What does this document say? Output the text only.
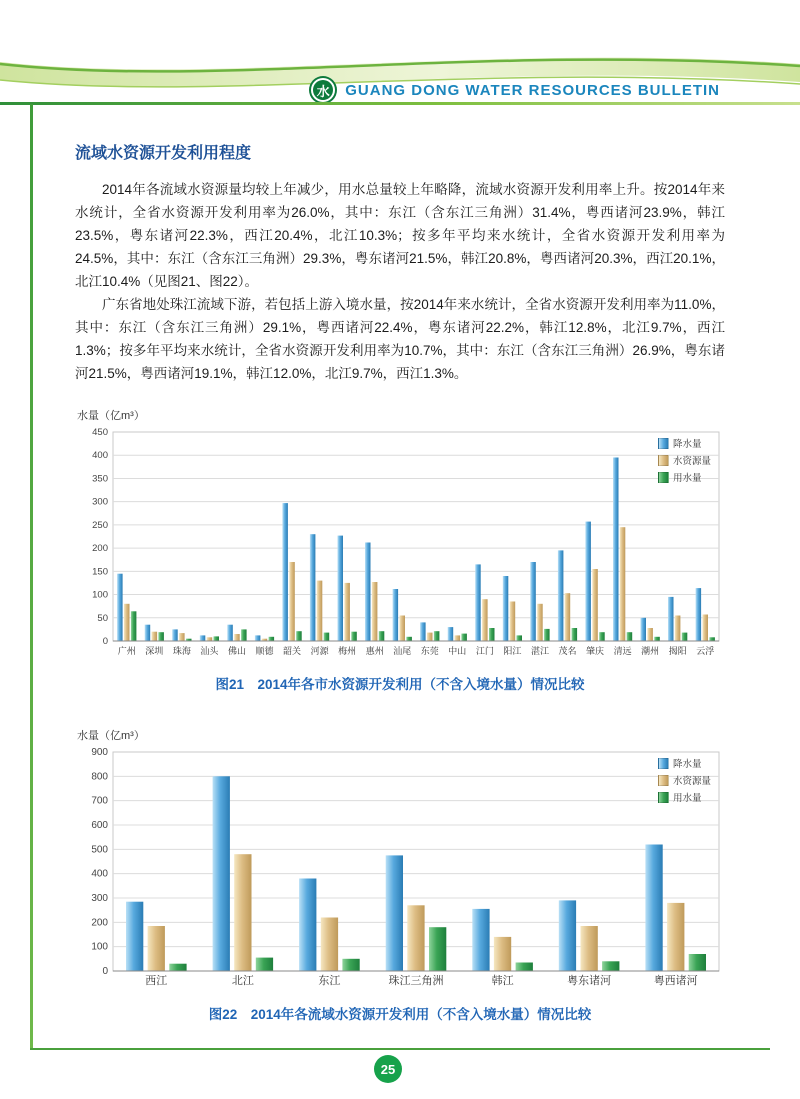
水	GUANG DONG WATER RESOURCES BULLETIN
流域水资源开发利用程度

2014年各流域水资源量均较上年减少，用水总量较上年略降，流域水资源开发利用率上升。按2014年来水统计，全省水资源开发利用率为26.0%，其中：东江（含东江三角洲）31.4%，粤西诸河23.9%，韩江23.5%，粤东诸河22.3%，西江20.4%，北江10.3%；按多年平均来水统计，全省水资源开发利用率为24.5%，其中：东江（含东江三角洲）29.3%，粤东诸河21.5%，韩江20.8%，粤西诸河20.3%，西江20.1%，北江10.4%（见图21、图22）。

广东省地处珠江流域下游，若包括上游入境水量，按2014年来水统计，全省水资源开发利用率为11.0%，其中：东江（含东江三角洲）29.1%，粤西诸河22.4%，粤东诸河22.2%，韩江12.8%，北江9.7%，西江1.3%；按多年平均来水统计，全省水资源开发利用率为10.7%，其中：东江（含东江三角洲）26.9%，粤东诸河21.5%，粤西诸河19.1%，韩江12.0%，北江9.7%，西江1.3%。

水量（亿m³）
0
50
100
150
200
250
300
350
400
450
广州 深圳 珠海 汕头 佛山 顺德 韶关 河源 梅州 惠州 汕尾 东莞 中山 江门 阳江 湛江 茂名 肇庆 清远 潮州 揭阳 云浮
降水量
水资源量
用水量
图21　2014年各市水资源开发利用（不含入境水量）情况比较
水量（亿m³）
0
100
200
300
400
500
600
700
800
900
西江	北江	东江	珠江三角洲	韩江	粤东诸河	粤西诸河
降水量
水资源量
用水量
图22　2014年各流域水资源开发利用（不含入境水量）情况比较
25
